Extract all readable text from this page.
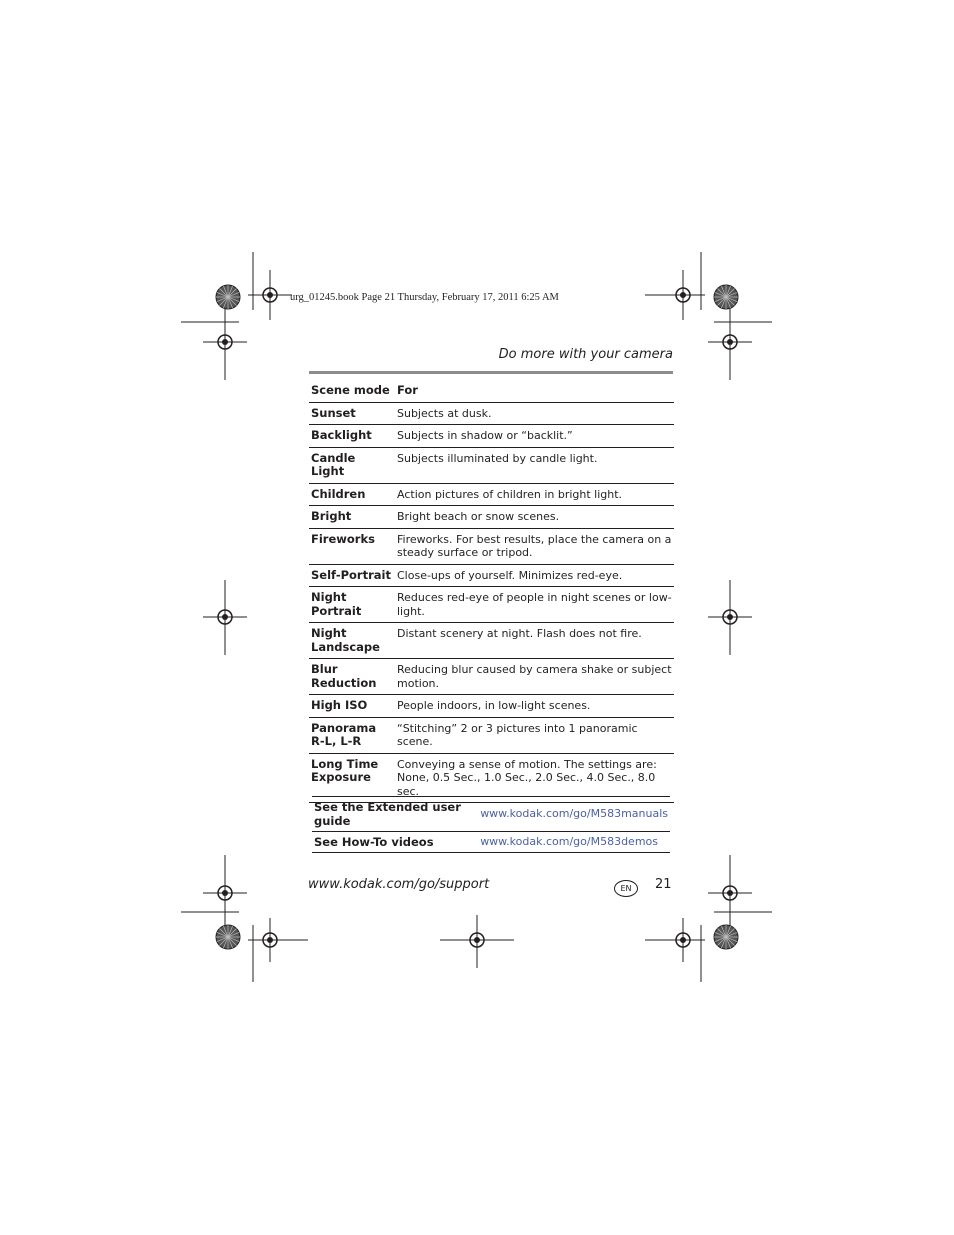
urg_01245.book Page 21 Thursday, February 17, 2011 6:25 AM
Do more with your camera
Scene mode	For
Sunset	Subjects at dusk.
Backlight	Subjects in shadow or “backlit.”
Candle Light	Subjects illuminated by candle light.
Children	Action pictures of children in bright light.
Bright	Bright beach or snow scenes.
Fireworks	Fireworks. For best results, place the camera on a steady surface or tripod.
Self-Portrait	Close-ups of yourself. Minimizes red-eye.
Night Portrait	Reduces red-eye of people in night scenes or low-light.
Night Landscape	Distant scenery at night. Flash does not fire.
Blur Reduction	Reducing blur caused by camera shake or subject motion.
High ISO	People indoors, in low-light scenes.
Panorama R-L, L-R	“Stitching” 2 or 3 pictures into 1 panoramic scene.
Long Time Exposure	Conveying a sense of motion. The settings are: None, 0.5 Sec., 1.0 Sec., 2.0 Sec., 4.0 Sec., 8.0 sec.
See the Extended user guide	www.kodak.com/go/M583manuals
See How-To videos	www.kodak.com/go/M583demos
www.kodak.com/go/support	EN	21
